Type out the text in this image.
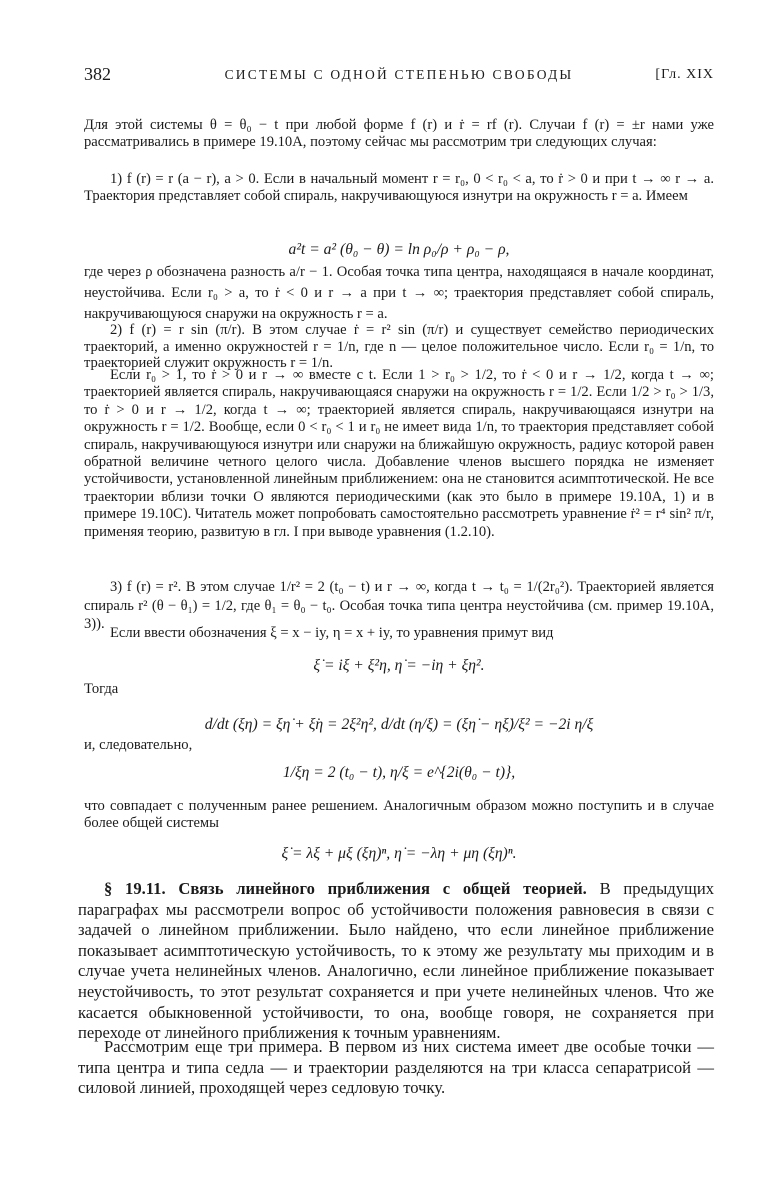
382	СИСТЕМЫ С ОДНОЙ СТЕПЕНЬЮ СВОБОДЫ	[Гл. XIX
Для этой системы θ = θ₀ − t при любой форме f (r) и ṙ = rf (r). Случаи f (r) = ±r нами уже рассматривались в примере 19.10A, поэтому сейчас мы рассмотрим три следующих случая:
1) f (r) = r (a − r), a > 0. Если в начальный момент r = r₀, 0 < r₀ < a, то ṙ > 0 и при t → ∞ r → a. Траектория представляет собой спираль, накручивающуюся изнутри на окружность r = a. Имеем
a²t = a² (θ₀ − θ) = ln ρ₀/ρ + ρ₀ − ρ,
где через ρ обозначена разность a/r − 1. Особая точка типа центра, находящаяся в начале координат, неустойчива. Если r₀ > a, то ṙ < 0 и r → a при t → ∞; траектория представляет собой спираль, накручивающуюся снаружи на окружность r = a.
2) f (r) = r sin (π/r). В этом случае ṙ = r² sin (π/r) и существует семейство периодических траекторий, а именно окружностей r = 1/n, где n — целое положительное число. Если r₀ = 1/n, то траекторией служит окружность r = 1/n.
Если r₀ > 1, то ṙ > 0 и r → ∞ вместе с t. Если 1 > r₀ > 1/2, то ṙ < 0 и r → 1/2, когда t → ∞; траекторией является спираль, накручивающаяся снаружи на окружность r = 1/2. Если 1/2 > r₀ > 1/3, то ṙ > 0 и r → 1/2, когда t → ∞; траекторией является спираль, накручивающаяся изнутри на окружность r = 1/2. Вообще, если 0 < r₀ < 1 и r₀ не имеет вида 1/n, то траектория представляет собой спираль, накручивающуюся изнутри или снаружи на ближайшую окружность, радиус которой равен обратной величине четного целого числа. Добавление членов высшего порядка не изменяет устойчивости, установленной линейным приближением: она не становится асимптотической. Не все траектории вблизи точки O являются периодическими (как это было в примере 19.10A, 1) и в примере 19.10C). Читатель может попробовать самостоятельно рассмотреть уравнение ṙ² = r⁴ sin² π/r, применяя теорию, развитую в гл. I при выводе уравнения (1.2.10).
3) f (r) = r². В этом случае 1/r² = 2 (t₀ − t) и r → ∞, когда t → t₀ = 1/(2r₀²). Траекторией является спираль r² (θ − θ₁) = 1/2, где θ₁ = θ₀ − t₀. Особая точка типа центра неустойчива (см. пример 19.10A, 3)).
Если ввести обозначения ξ = x − iy, η = x + iy, то уравнения примут вид
ξ̇ = iξ + ξ²η, η̇ = −iη + ξη².
Тогда
d/dt (ξη) = ξη̇ + ξ̇η = 2ξ²η², d/dt (η/ξ) = (ξη̇ − ηξ̇)/ξ² = −2i η/ξ
и, следовательно,
1/ξη = 2 (t₀ − t), η/ξ = e^{2i(θ₀ − t)},
что совпадает с полученным ранее решением. Аналогичным образом можно поступить и в случае более общей системы
ξ̇ = λξ + μξ (ξη)ⁿ, η̇ = −λη + μη (ξη)ⁿ.
§ 19.11. Связь линейного приближения с общей теорией. В предыдущих параграфах мы рассмотрели вопрос об устойчивости положения равновесия в связи с задачей о линейном приближении. Было найдено, что если линейное приближение показывает асимптотическую устойчивость, то к этому же результату мы приходим и в случае учета нелинейных членов. Аналогично, если линейное приближение показывает неустойчивость, то этот результат сохраняется и при учете нелинейных членов. Что же касается обыкновенной устойчивости, то она, вообще говоря, не сохраняется при переходе от линейного приближения к точным уравнениям.
Рассмотрим еще три примера. В первом из них система имеет две особые точки — типа центра и типа седла — и траектории разделяются на три класса сепаратрисой — силовой линией, проходящей через седловую точку.
